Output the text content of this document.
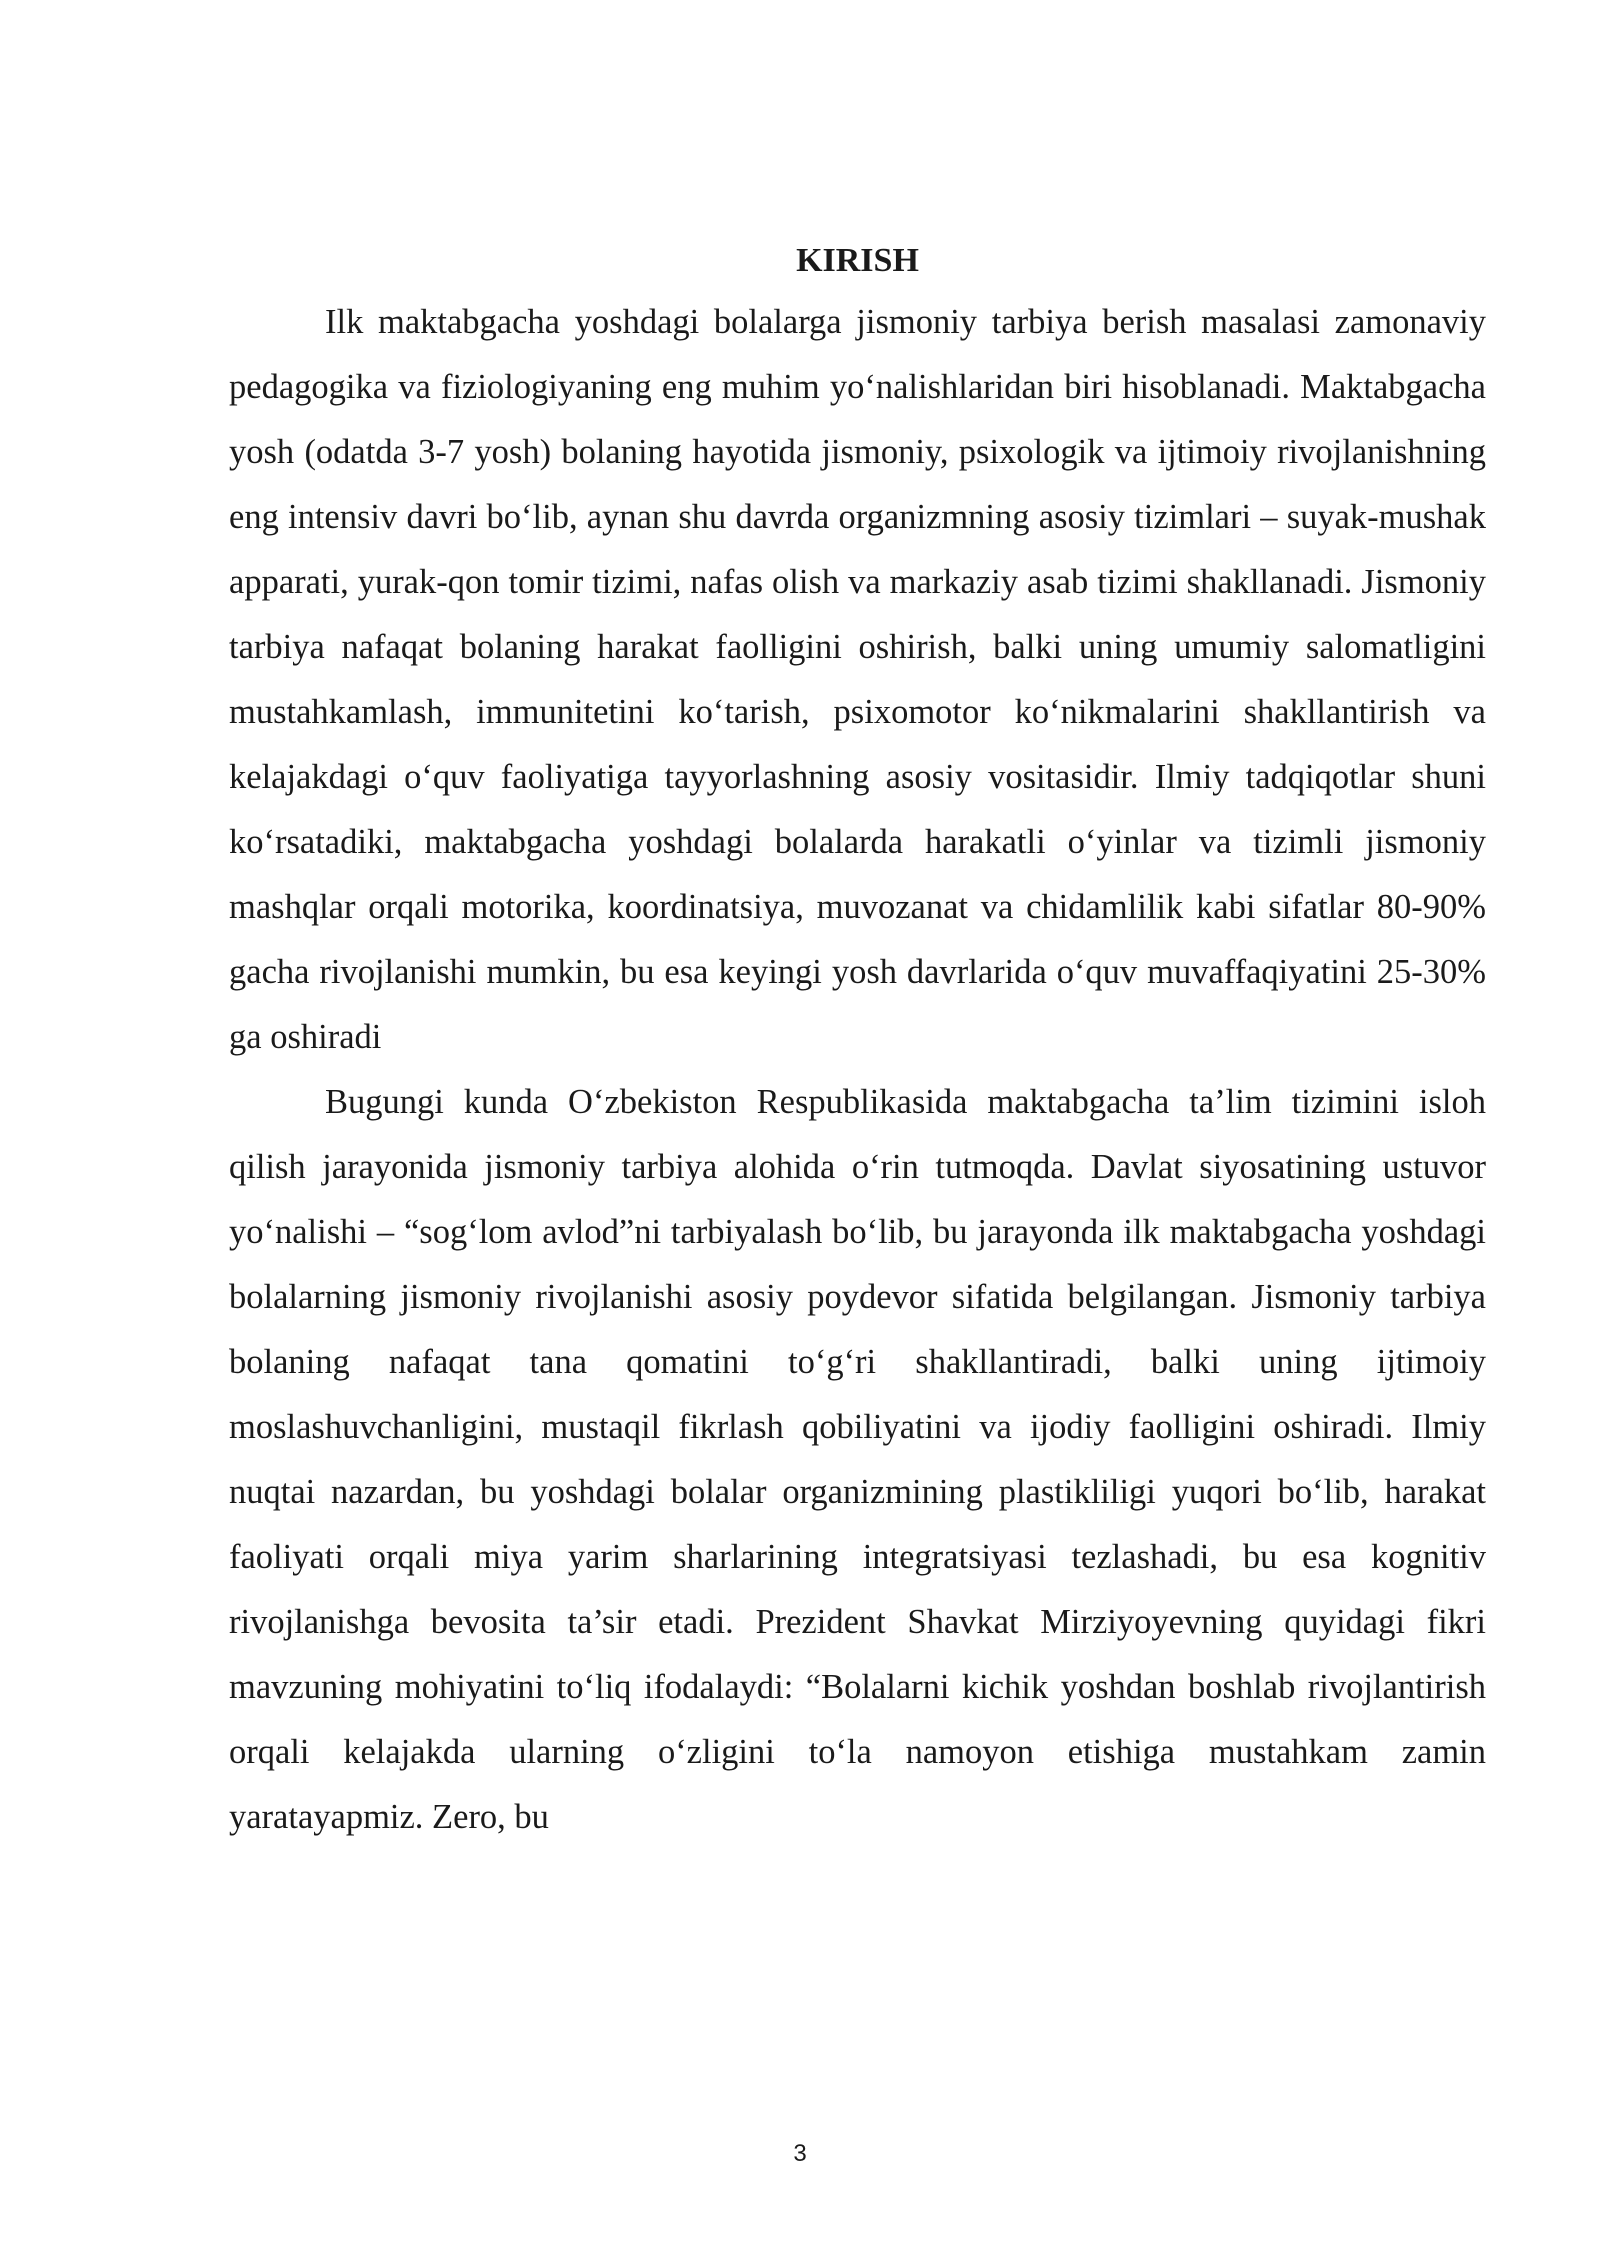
KIRISH

Ilk maktabgacha yoshdagi bolalarga jismoniy tarbiya berish masalasi zamonaviy pedagogika va fiziologiyaning eng muhim yo‘nalishlaridan biri hisoblanadi. Maktabgacha yosh (odatda 3-7 yosh) bolaning hayotida jismoniy, psixologik va ijtimoiy rivojlanishning eng intensiv davri bo‘lib, aynan shu davrda organizmning asosiy tizimlari – suyak-mushak apparati, yurak-qon tomir tizimi, nafas olish va markaziy asab tizimi shakllanadi. Jismoniy tarbiya nafaqat bolaning harakat faolligini oshirish, balki uning umumiy salomatligini mustahkamlash, immunitetini ko‘tarish, psixomotor ko‘nikmalarini shakllantirish va kelajakdagi o‘quv faoliyatiga tayyorlashning asosiy vositasidir. Ilmiy tadqiqotlar shuni ko‘rsatadiki, maktabgacha yoshdagi bolalarda harakatli o‘yinlar va tizimli jismoniy mashqlar orqali motorika, koordinatsiya, muvozanat va chidamlilik kabi sifatlar 80-90% gacha rivojlanishi mumkin, bu esa keyingi yosh davrlarida o‘quv muvaffaqiyatini 25-30% ga oshiradi

Bugungi kunda O‘zbekiston Respublikasida maktabgacha ta’lim tizimini isloh qilish jarayonida jismoniy tarbiya alohida o‘rin tutmoqda. Davlat siyosatining ustuvor yo‘nalishi – “sog‘lom avlod”ni tarbiyalash bo‘lib, bu jarayonda ilk maktabgacha yoshdagi bolalarning jismoniy rivojlanishi asosiy poydevor sifatida belgilangan. Jismoniy tarbiya bolaning nafaqat tana qomatini to‘g‘ri shakllantiradi, balki uning ijtimoiy moslashuvchanligini, mustaqil fikrlash qobiliyatini va ijodiy faolligini oshiradi. Ilmiy nuqtai nazardan, bu yoshdagi bolalar organizmining plastikliligi yuqori bo‘lib, harakat faoliyati orqali miya yarim sharlarining integratsiyasi tezlashadi, bu esa kognitiv rivojlanishga bevosita ta’sir etadi. Prezident Shavkat Mirziyoyevning quyidagi fikri mavzuning mohiyatini to‘liq ifodalaydi: “Bolalarni kichik yoshdan boshlab rivojlantirish orqali kelajakda ularning o‘zligini to‘la namoyon etishiga mustahkam zamin yaratayapmiz. Zero, bu

3
